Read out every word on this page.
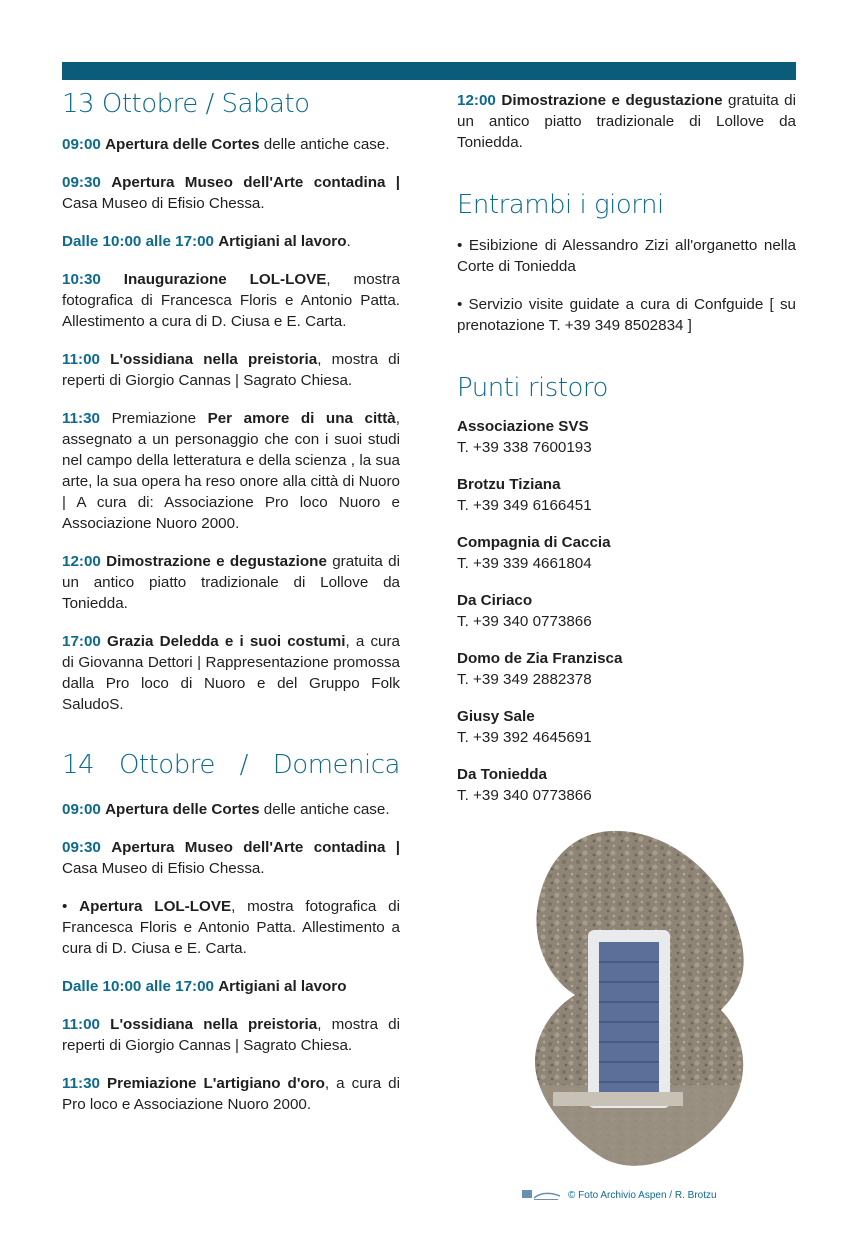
13 Ottobre / Sabato

09:00 Apertura delle Cortes delle antiche case.

09:30 Apertura Museo dell'Arte contadina | Casa Museo di Efisio Chessa.

Dalle 10:00 alle 17:00 Artigiani al lavoro.

10:30 Inaugurazione LOL-LOVE, mostra fotografica di Francesca Floris e Antonio Patta. Allestimento a cura di D. Ciusa e E. Carta.

11:00 L'ossidiana nella preistoria, mostra di reperti di Giorgio Cannas | Sagrato Chiesa.

11:30 Premiazione Per amore di una città, assegnato a un personaggio che con i suoi studi nel campo della letteratura e della scienza , la sua arte, la sua opera ha reso onore alla città di Nuoro | A cura di: Associazione Pro loco Nuoro e Associazione Nuoro 2000.

12:00 Dimostrazione e degustazione gratuita di un antico piatto tradizionale di Lollove da Toniedda.

17:00 Grazia Deledda e i suoi costumi, a cura di Giovanna Dettori | Rappresentazione promossa dalla Pro loco di Nuoro e del Gruppo Folk SaludoS.

14 Ottobre / Domenica

09:00 Apertura delle Cortes delle antiche case.

09:30 Apertura Museo dell'Arte contadina | Casa Museo di Efisio Chessa.

• Apertura LOL-LOVE, mostra fotografica di Francesca Floris e Antonio Patta. Allestimento a cura di D. Ciusa e E. Carta.

Dalle 10:00 alle 17:00 Artigiani al lavoro

11:00 L'ossidiana nella preistoria, mostra di reperti di Giorgio Cannas | Sagrato Chiesa.

11:30 Premiazione L'artigiano d'oro, a cura di Pro loco e Associazione Nuoro 2000.

12:00 Dimostrazione e degustazione gratuita di un antico piatto tradizionale di Lollove da Toniedda.

Entrambi i giorni

• Esibizione di Alessandro Zizi all'organetto nella Corte di Toniedda

• Servizio visite guidate a cura di Confguide [ su prenotazione T. +39 349 8502834 ]

Punti ristoro
Associazione SVS
T. +39 338 7600193
Brotzu Tiziana
T. +39 349 6166451
Compagnia di Caccia
T. +39 339 4661804
Da Ciriaco
T. +39 340 0773866
Domo de Zia Franzisca
T. +39 349 2882378
Giusy Sale
T. +39 392 4645691
Da Toniedda
T. +39 340 0773866
© Foto Archivio Aspen / R. Brotzu
